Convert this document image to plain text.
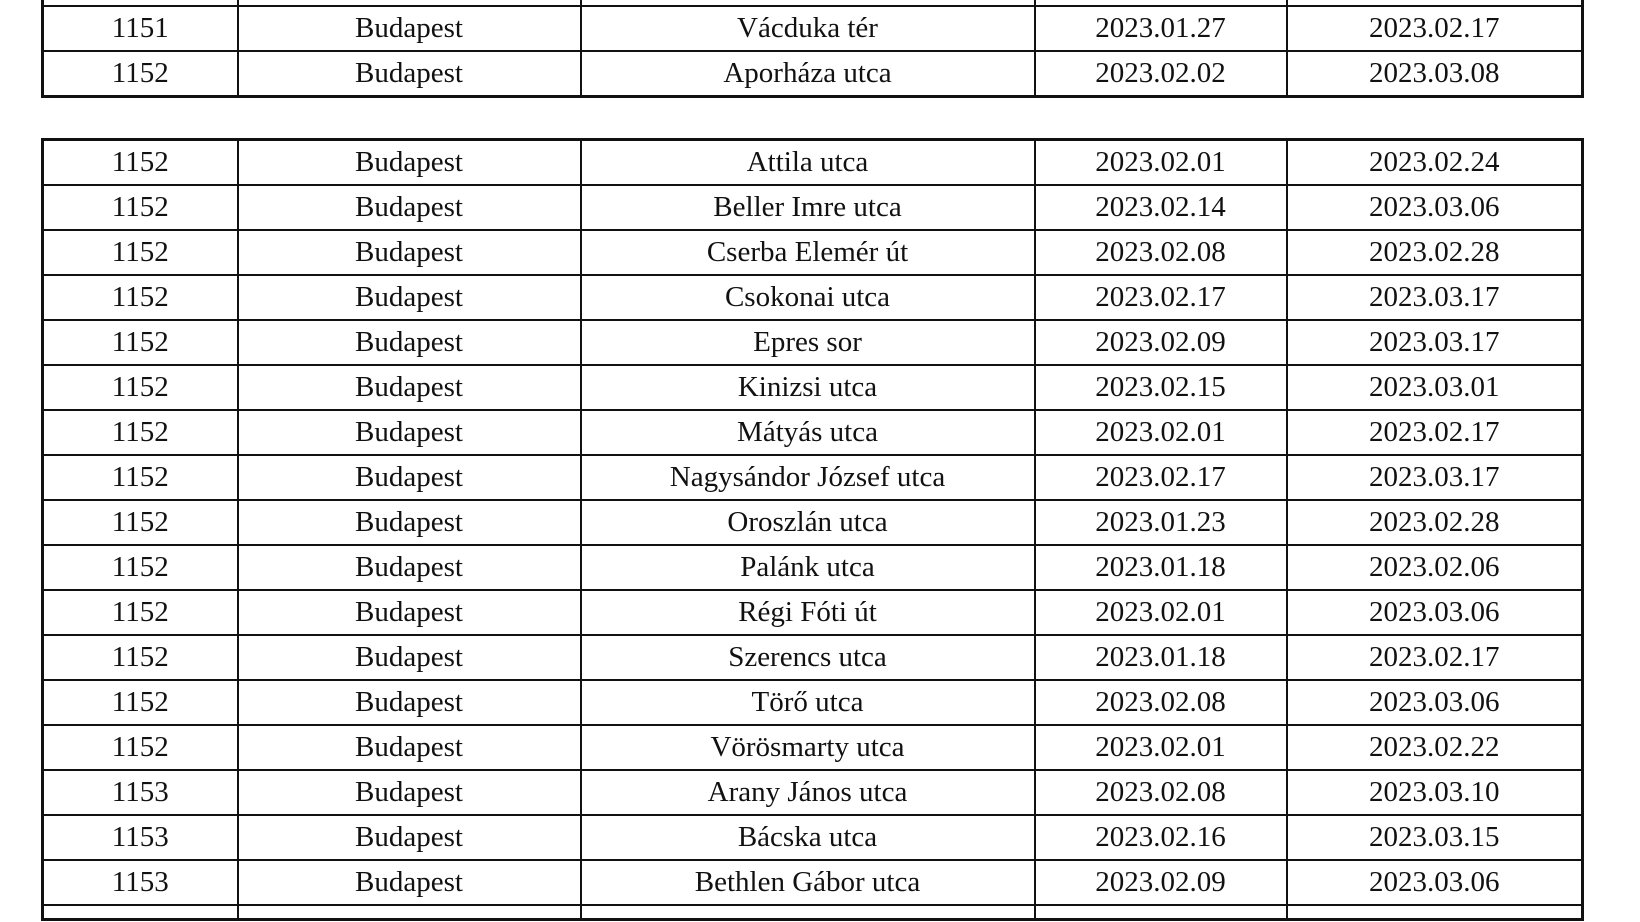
1151	Budapest	Vácduka tér	2023.01.27	2023.02.17
1152	Budapest	Aporháza utca	2023.02.02	2023.03.08
1152	Budapest	Attila utca	2023.02.01	2023.02.24
1152	Budapest	Beller Imre utca	2023.02.14	2023.03.06
1152	Budapest	Cserba Elemér út	2023.02.08	2023.02.28
1152	Budapest	Csokonai utca	2023.02.17	2023.03.17
1152	Budapest	Epres sor	2023.02.09	2023.03.17
1152	Budapest	Kinizsi utca	2023.02.15	2023.03.01
1152	Budapest	Mátyás utca	2023.02.01	2023.02.17
1152	Budapest	Nagysándor József utca	2023.02.17	2023.03.17
1152	Budapest	Oroszlán utca	2023.01.23	2023.02.28
1152	Budapest	Palánk utca	2023.01.18	2023.02.06
1152	Budapest	Régi Fóti út	2023.02.01	2023.03.06
1152	Budapest	Szerencs utca	2023.01.18	2023.02.17
1152	Budapest	Törő utca	2023.02.08	2023.03.06
1152	Budapest	Vörösmarty utca	2023.02.01	2023.02.22
1153	Budapest	Arany János utca	2023.02.08	2023.03.10
1153	Budapest	Bácska utca	2023.02.16	2023.03.15
1153	Budapest	Bethlen Gábor utca	2023.02.09	2023.03.06
